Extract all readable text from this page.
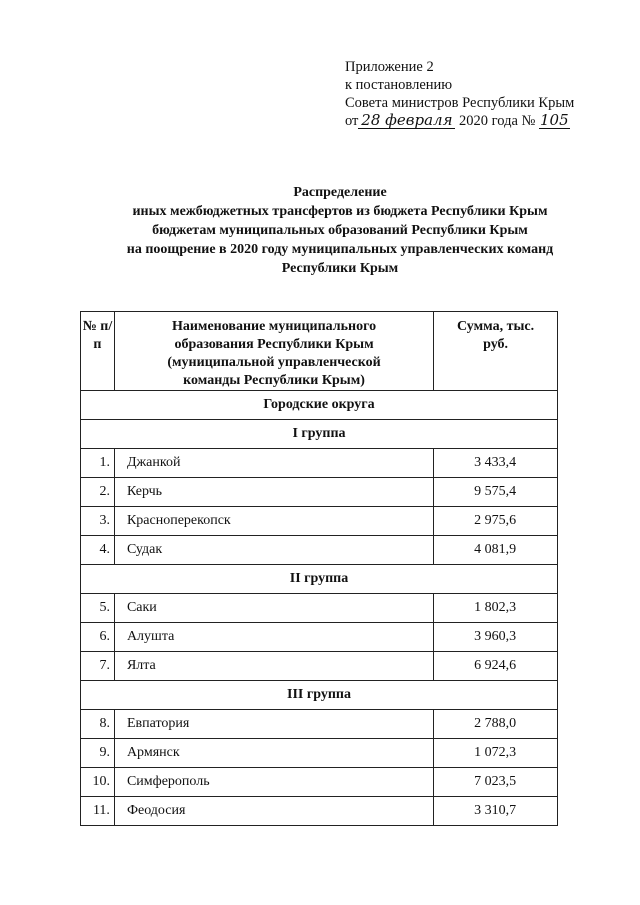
Приложение 2
к постановлению
Совета министров Республики Крым
от 28 февраля 2020 года № 105
Распределение
иных межбюджетных трансфертов из бюджета Республики Крым
бюджетам муниципальных образований Республики Крым
на поощрение в 2020 году муниципальных управленческих команд
Республики Крым
№ п/п	Наименование муниципального образования Республики Крым (муниципальной управленческой команды Республики Крым)	Сумма, тыс. руб.
Городские округа		
I группа		
1.	Джанкой	3 433,4
2.	Керчь	9 575,4
3.	Красноперекопск	2 975,6
4.	Судак	4 081,9
II группа		
5.	Саки	1 802,3
6.	Алушта	3 960,3
7.	Ялта	6 924,6
III группа		
8.	Евпатория	2 788,0
9.	Армянск	1 072,3
10.	Симферополь	7 023,5
11.	Феодосия	3 310,7
